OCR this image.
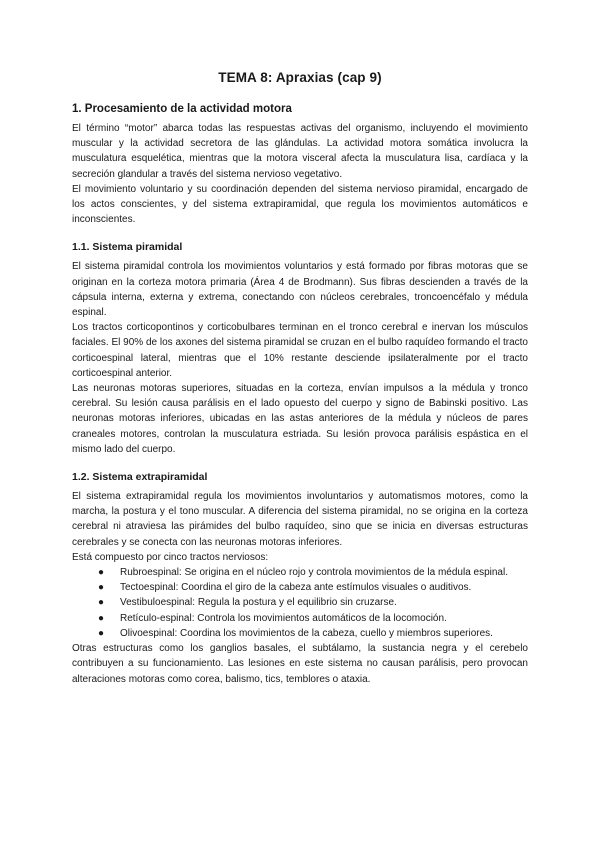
TEMA 8: Apraxias (cap 9)
1. Procesamiento de la actividad motora

El término “motor” abarca todas las respuestas activas del organismo, incluyendo el movimiento muscular y la actividad secretora de las glándulas. La actividad motora somática involucra la musculatura esquelética, mientras que la motora visceral afecta la musculatura lisa, cardíaca y la secreción glandular a través del sistema nervioso vegetativo.

El movimiento voluntario y su coordinación dependen del sistema nervioso piramidal, encargado de los actos conscientes, y del sistema extrapiramidal, que regula los movimientos automáticos e inconscientes.

1.1. Sistema piramidal

El sistema piramidal controla los movimientos voluntarios y está formado por fibras motoras que se originan en la corteza motora primaria (Área 4 de Brodmann). Sus fibras descienden a través de la cápsula interna, externa y extrema, conectando con núcleos cerebrales, troncoencéfalo y médula espinal.

Los tractos corticopontinos y corticobulbares terminan en el tronco cerebral e inervan los músculos faciales. El 90% de los axones del sistema piramidal se cruzan en el bulbo raquídeo formando el tracto corticoespinal lateral, mientras que el 10% restante desciende ipsilateralmente por el tracto corticoespinal anterior.

Las neuronas motoras superiores, situadas en la corteza, envían impulsos a la médula y tronco cerebral. Su lesión causa parálisis en el lado opuesto del cuerpo y signo de Babinski positivo. Las neuronas motoras inferiores, ubicadas en las astas anteriores de la médula y núcleos de pares craneales motores, controlan la musculatura estriada. Su lesión provoca parálisis espástica en el mismo lado del cuerpo.

1.2. Sistema extrapiramidal

El sistema extrapiramidal regula los movimientos involuntarios y automatismos motores, como la marcha, la postura y el tono muscular. A diferencia del sistema piramidal, no se origina en la corteza cerebral ni atraviesa las pirámides del bulbo raquídeo, sino que se inicia en diversas estructuras cerebrales y se conecta con las neuronas motoras inferiores.

Está compuesto por cinco tractos nerviosos:

● Rubroespinal: Se origina en el núcleo rojo y controla movimientos de la médula espinal.
● Tectoespinal: Coordina el giro de la cabeza ante estímulos visuales o auditivos.
● Vestibuloespinal: Regula la postura y el equilibrio sin cruzarse.
● Retículo-espinal: Controla los movimientos automáticos de la locomoción.
● Olivoespinal: Coordina los movimientos de la cabeza, cuello y miembros superiores.

Otras estructuras como los ganglios basales, el subtálamo, la sustancia negra y el cerebelo contribuyen a su funcionamiento. Las lesiones en este sistema no causan parálisis, pero provocan alteraciones motoras como corea, balismo, tics, temblores o ataxia.
